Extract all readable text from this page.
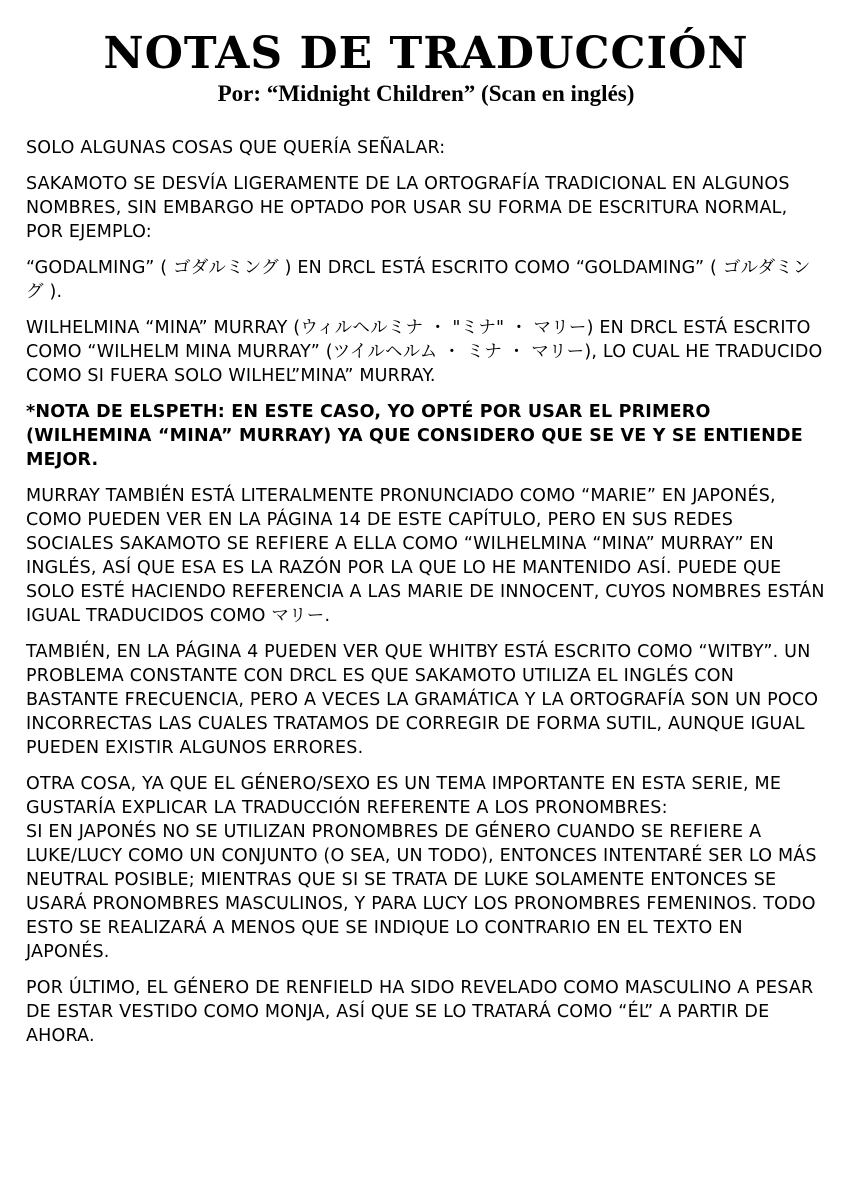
NOTAS DE TRADUCCIÓN

Por: “Midnight Children” (Scan en inglés)

SOLO ALGUNAS COSAS QUE QUERÍA SEÑALAR:

SAKAMOTO SE DESVÍA LIGERAMENTE DE LA ORTOGRAFÍA TRADICIONAL EN ALGUNOS NOMBRES, SIN EMBARGO HE OPTADO POR USAR SU FORMA DE ESCRITURA NORMAL, POR EJEMPLO:

“GODALMING” ( ゴダルミング ) EN DRCL ESTÁ ESCRITO COMO “GOLDAMING” ( ゴルダミング ).

WILHELMINA “MINA” MURRAY (ウィルヘルミナ ・ "ミナ" ・ マリー) EN DRCL ESTÁ ESCRITO COMO “WILHELM MINA MURRAY” (ツイルヘルム ・ ミナ ・ マリー), LO CUAL HE TRADUCIDO COMO SI FUERA SOLO WILHEL”MINA” MURRAY.

*NOTA DE ELSPETH: EN ESTE CASO, YO OPTÉ POR USAR EL PRIMERO (WILHEMINA “MINA” MURRAY) YA QUE CONSIDERO QUE SE VE Y SE ENTIENDE MEJOR.

MURRAY TAMBIÉN ESTÁ LITERALMENTE PRONUNCIADO COMO “MARIE” EN JAPONÉS, COMO PUEDEN VER EN LA PÁGINA 14 DE ESTE CAPÍTULO, PERO EN SUS REDES SOCIALES SAKAMOTO SE REFIERE A ELLA COMO “WILHELMINA “MINA” MURRAY” EN INGLÉS, ASÍ QUE ESA ES LA RAZÓN POR LA QUE LO HE MANTENIDO ASÍ. PUEDE QUE SOLO ESTÉ HACIENDO REFERENCIA A LAS MARIE DE INNOCENT, CUYOS NOMBRES ESTÁN IGUAL TRADUCIDOS COMO マリー.

TAMBIÉN, EN LA PÁGINA 4 PUEDEN VER QUE WHITBY ESTÁ ESCRITO COMO “WITBY”. UN PROBLEMA CONSTANTE CON DRCL ES QUE SAKAMOTO UTILIZA EL INGLÉS CON BASTANTE FRECUENCIA, PERO A VECES LA GRAMÁTICA Y LA ORTOGRAFÍA SON UN POCO INCORRECTAS LAS CUALES TRATAMOS DE CORREGIR DE FORMA SUTIL, AUNQUE IGUAL PUEDEN EXISTIR ALGUNOS ERRORES.

OTRA COSA, YA QUE EL GÉNERO/SEXO ES UN TEMA IMPORTANTE EN ESTA SERIE, ME GUSTARÍA EXPLICAR LA TRADUCCIÓN REFERENTE A LOS PRONOMBRES:
SI EN JAPONÉS NO SE UTILIZAN PRONOMBRES DE GÉNERO CUANDO SE REFIERE A LUKE/LUCY COMO UN CONJUNTO (O SEA, UN TODO), ENTONCES INTENTARÉ SER LO MÁS NEUTRAL POSIBLE; MIENTRAS QUE SI SE TRATA DE LUKE SOLAMENTE ENTONCES SE USARÁ PRONOMBRES MASCULINOS, Y PARA LUCY LOS PRONOMBRES FEMENINOS. TODO ESTO SE REALIZARÁ A MENOS QUE SE INDIQUE LO CONTRARIO EN EL TEXTO EN JAPONÉS.

POR ÚLTIMO, EL GÉNERO DE RENFIELD HA SIDO REVELADO COMO MASCULINO A PESAR DE ESTAR VESTIDO COMO MONJA, ASÍ QUE SE LO TRATARÁ COMO “ÉL” A PARTIR DE AHORA.
